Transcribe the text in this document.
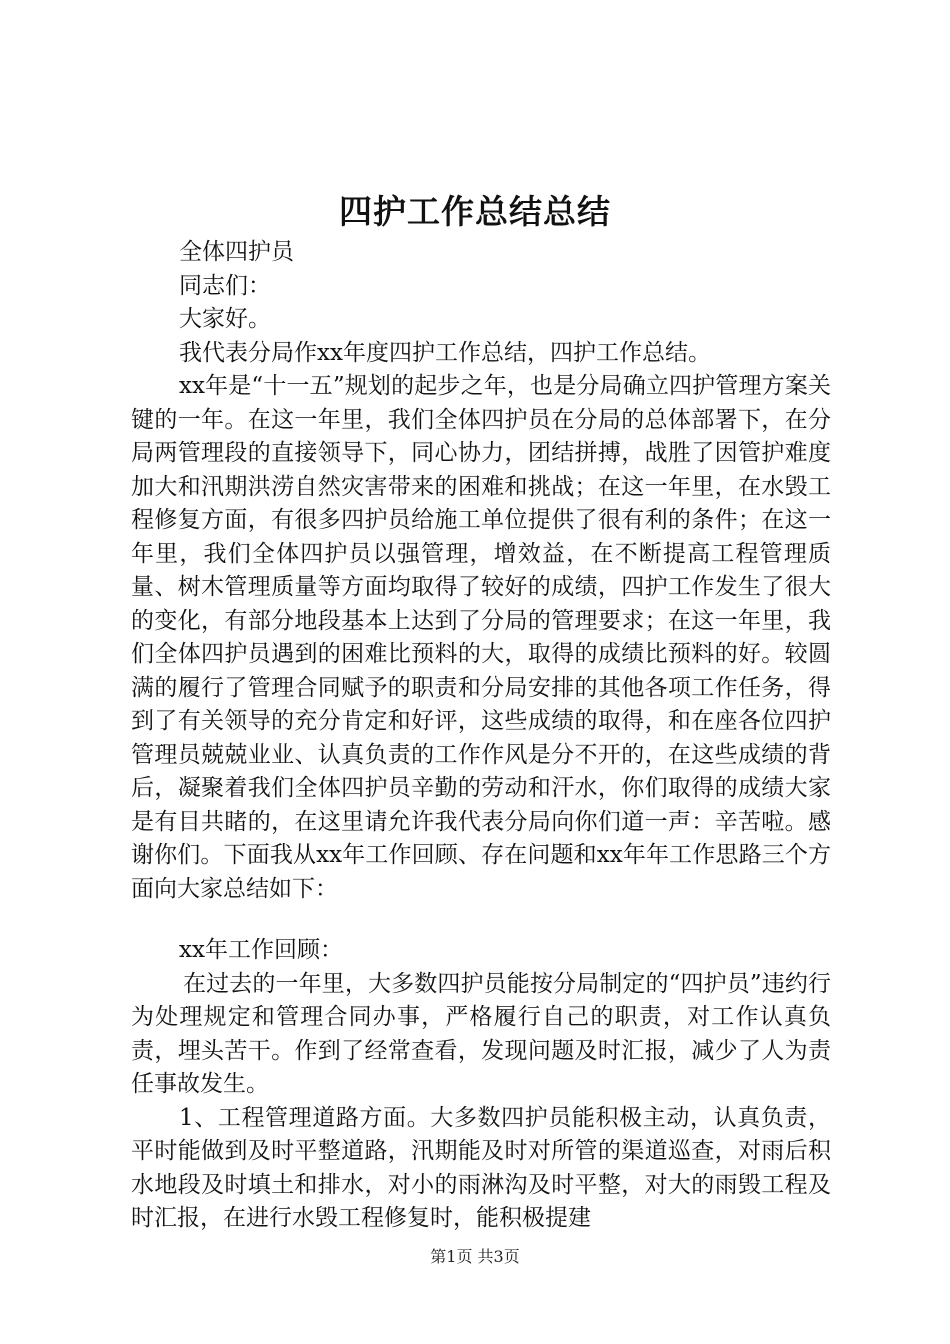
四护工作总结总结

全体四护员

同志们：

大家好。

我代表分局作xx年度四护工作总结，四护工作总结。

xx年是“十一五”规划的起步之年，也是分局确立四护管理方案关键的一年。在这一年里，我们全体四护员在分局的总体部署下，在分局两管理段的直接领导下，同心协力，团结拼搏，战胜了因管护难度加大和汛期洪涝自然灾害带来的困难和挑战；在这一年里，在水毁工程修复方面，有很多四护员给施工单位提供了很有利的条件；在这一年里，我们全体四护员以强管理，增效益，在不断提高工程管理质量、树木管理质量等方面均取得了较好的成绩，四护工作发生了很大的变化，有部分地段基本上达到了分局的管理要求；在这一年里，我们全体四护员遇到的困难比预料的大，取得的成绩比预料的好。较圆满的履行了管理合同赋予的职责和分局安排的其他各项工作任务，得到了有关领导的充分肯定和好评，这些成绩的取得，和在座各位四护管理员兢兢业业、认真负责的工作作风是分不开的，在这些成绩的背后，凝聚着我们全体四护员辛勤的劳动和汗水，你们取得的成绩大家是有目共睹的，在这里请允许我代表分局向你们道一声：辛苦啦。感谢你们。下面我从xx年工作回顾、存在问题和xx年年工作思路三个方面向大家总结如下：

xx年工作回顾：

在过去的一年里，大多数四护员能按分局制定的“四护员”违约行为处理规定和管理合同办事，严格履行自己的职责，对工作认真负责，埋头苦干。作到了经常查看，发现问题及时汇报，减少了人为责任事故发生。

1、工程管理道路方面。大多数四护员能积极主动，认真负责，平时能做到及时平整道路，汛期能及时对所管的渠道巡查，对雨后积水地段及时填土和排水，对小的雨淋沟及时平整，对大的雨毁工程及时汇报，在进行水毁工程修复时，能积极提建

第1页 共3页
